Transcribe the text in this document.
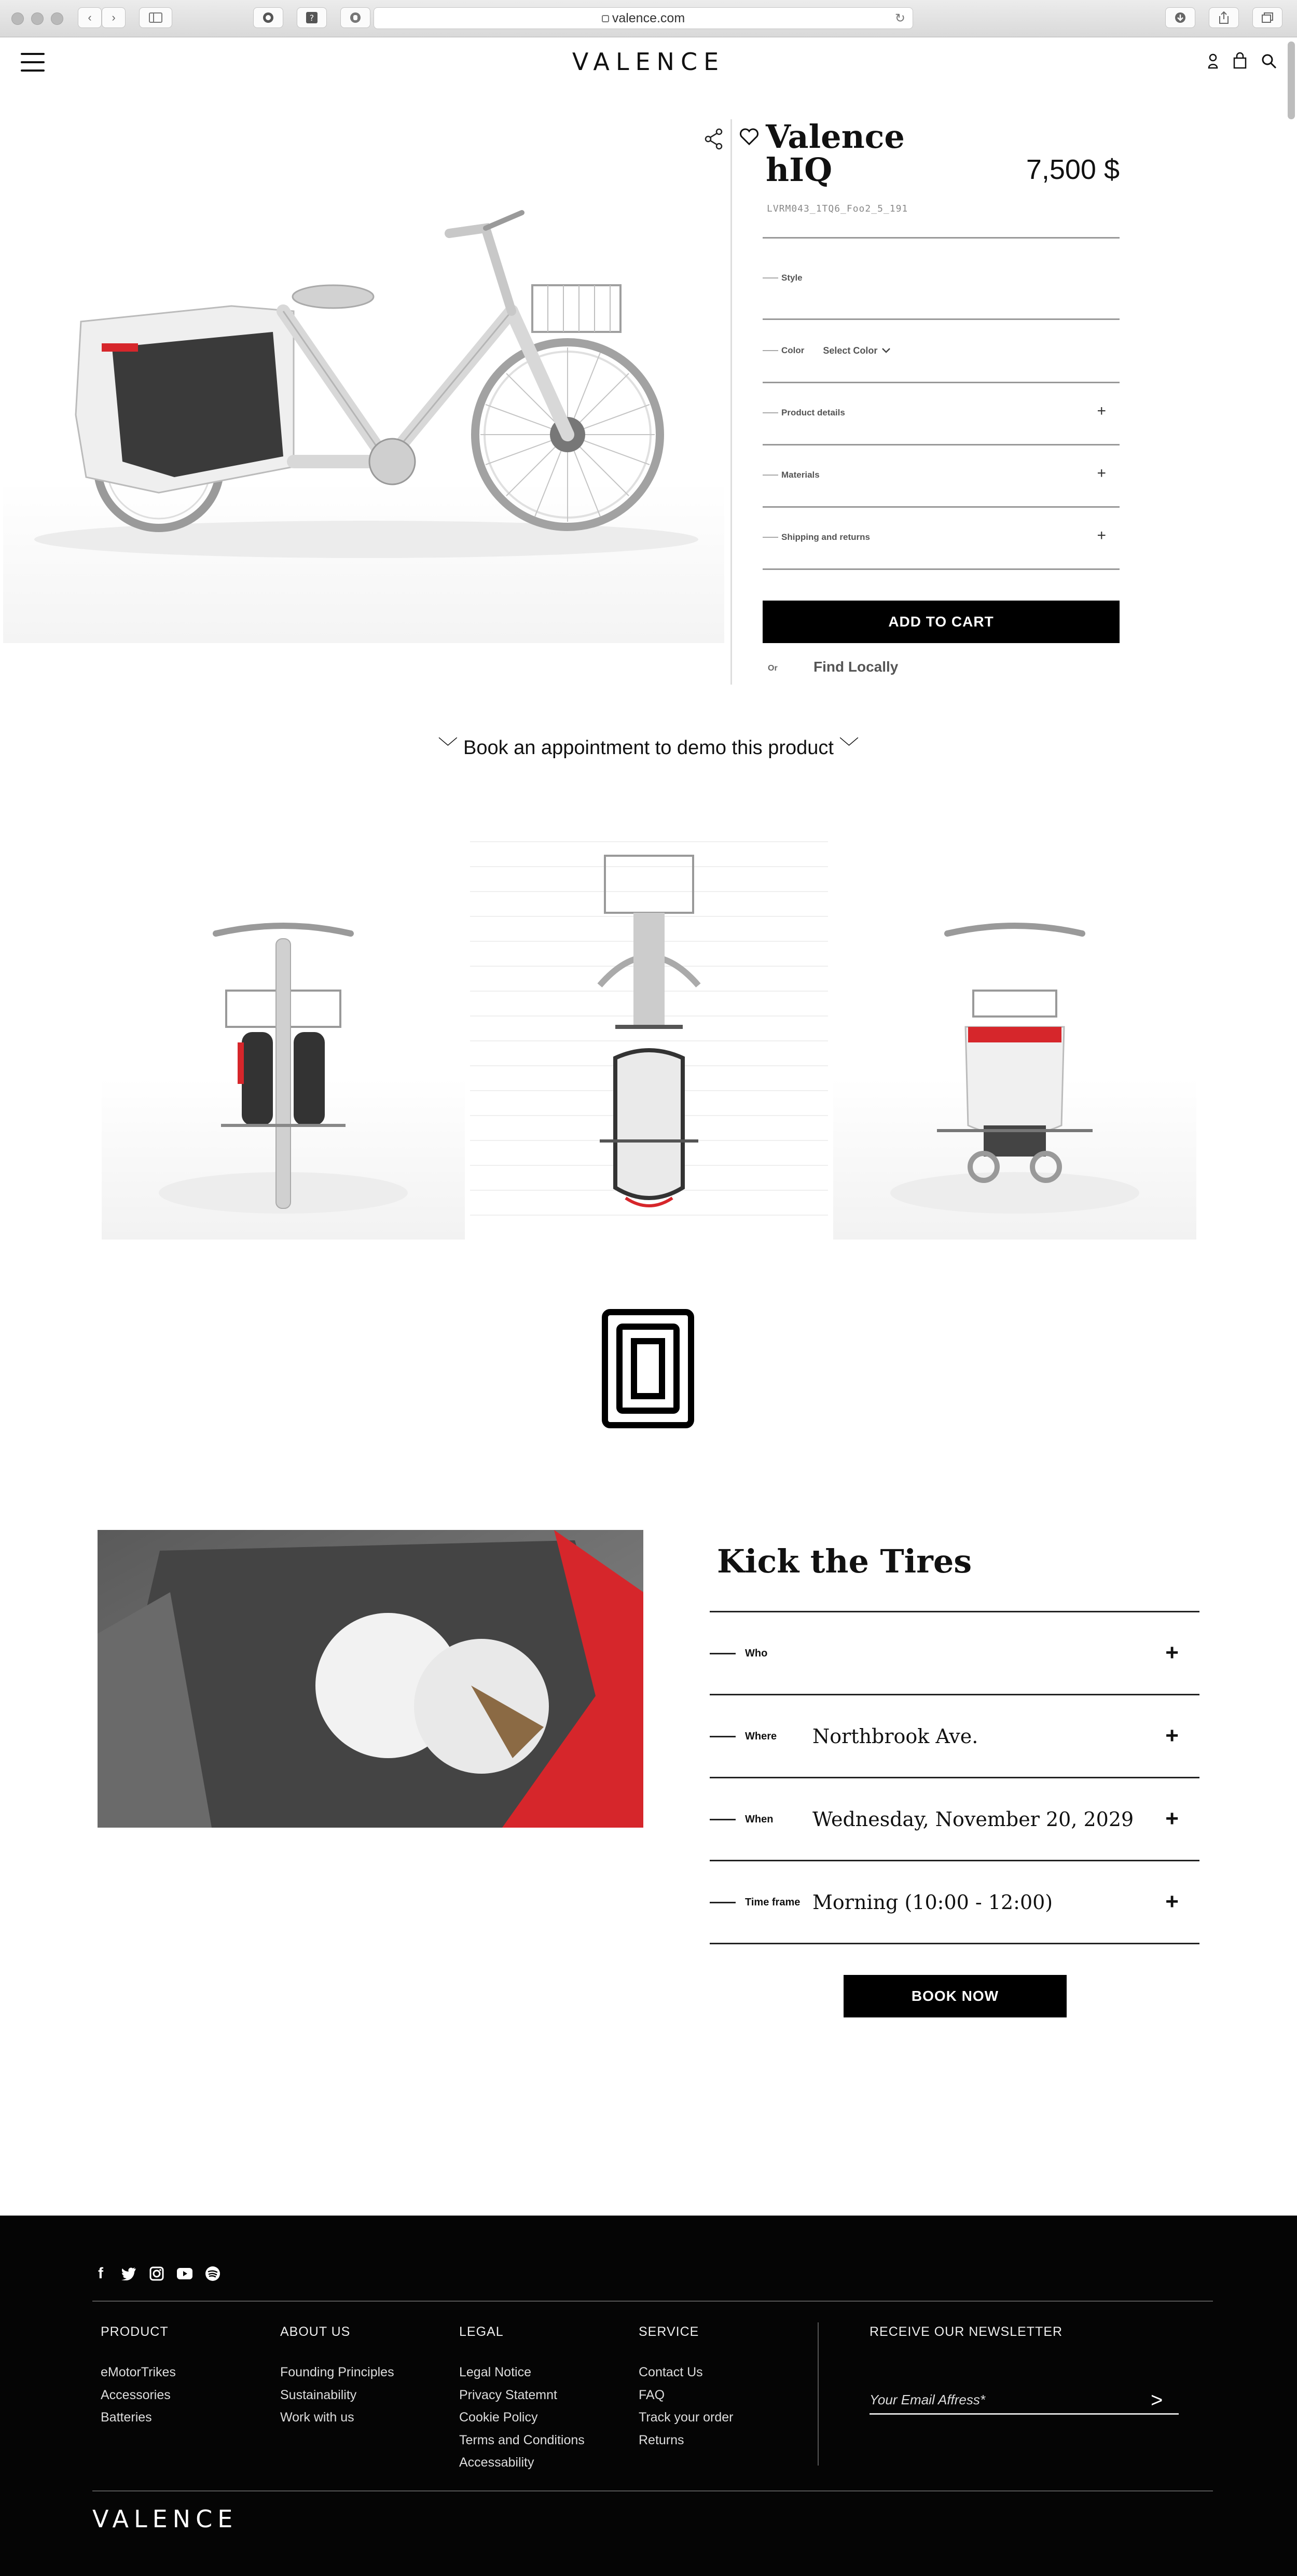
‹	›	?	valence.com	↻
VALENCE
Valence
hIQ	7,500 $
LVRM043_1TQ6_Foo2_5_191
Style
Color Select Color
Product details	+
Materials	+
Shipping and returns	+
ADD TO CART
Or Find Locally
﹀ Book an appointment to demo this product ﹀
Kick the Tires
Who	+
Where	Northbrook Ave.	+
When	Wednesday, November 20, 2029 +
Time frame Morning (10:00 - 12:00)	+
BOOK NOW
f
PRODUCT
eMotorTrikes
Accessories
Batteries
ABOUT US
Founding Principles
Sustainability
Work with us
LEGAL
Legal Notice
Privacy Statemnt
Cookie Policy
Terms and Conditions
Accessability
SERVICE
Contact Us
FAQ
Track your order
Returns
RECEIVE OUR NEWSLETTER
Your Email Affress*
>
VALENCE
